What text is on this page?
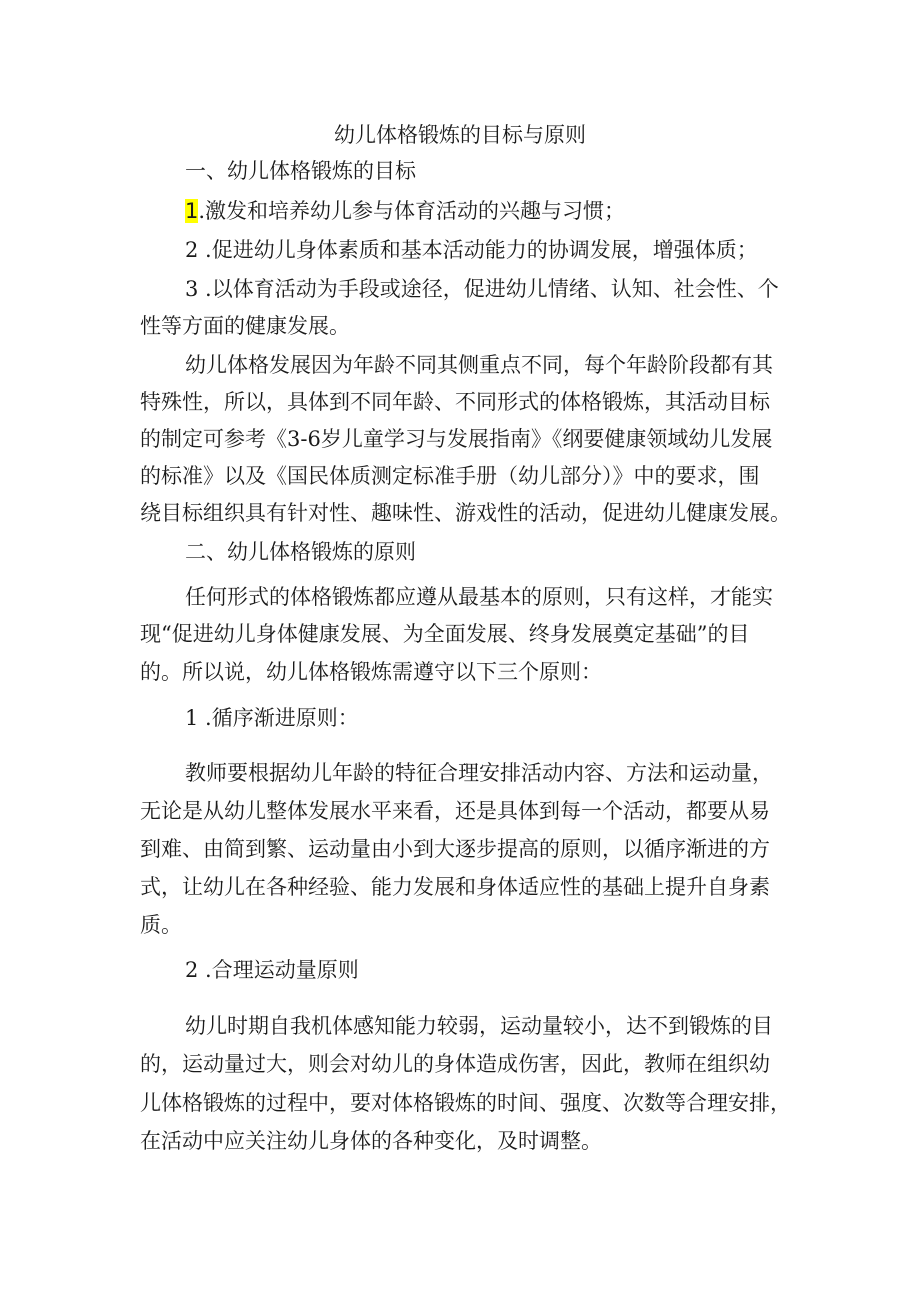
幼儿体格锻炼的目标与原则
一、幼儿体格锻炼的目标

1.激发和培养幼儿参与体育活动的兴趣与习惯；

2 .促进幼儿身体素质和基本活动能力的协调发展，增强体质；

3 .以体育活动为手段或途径，促进幼儿情绪、认知、社会性、个

性等方面的健康发展。

幼儿体格发展因为年龄不同其侧重点不同，每个年龄阶段都有其

特殊性，所以，具体到不同年龄、不同形式的体格锻炼，其活动目标

的制定可参考《3-6岁儿童学习与发展指南》《纲要健康领域幼儿发展

的标准》以及《国民体质测定标准手册（幼儿部分）》中的要求，围

绕目标组织具有针对性、趣味性、游戏性的活动，促进幼儿健康发展。

二、幼儿体格锻炼的原则

任何形式的体格锻炼都应遵从最基本的原则，只有这样，才能实

现“促进幼儿身体健康发展、为全面发展、终身发展奠定基础”的目

的。所以说，幼儿体格锻炼需遵守以下三个原则：

1 .循序渐进原则：

教师要根据幼儿年龄的特征合理安排活动内容、方法和运动量，

无论是从幼儿整体发展水平来看，还是具体到每一个活动，都要从易

到难、由简到繁、运动量由小到大逐步提高的原则，以循序渐进的方

式，让幼儿在各种经验、能力发展和身体适应性的基础上提升自身素

质。

2 .合理运动量原则

幼儿时期自我机体感知能力较弱，运动量较小，达不到锻炼的目

的，运动量过大，则会对幼儿的身体造成伤害，因此，教师在组织幼

儿体格锻炼的过程中，要对体格锻炼的时间、强度、次数等合理安排，

在活动中应关注幼儿身体的各种变化，及时调整。
